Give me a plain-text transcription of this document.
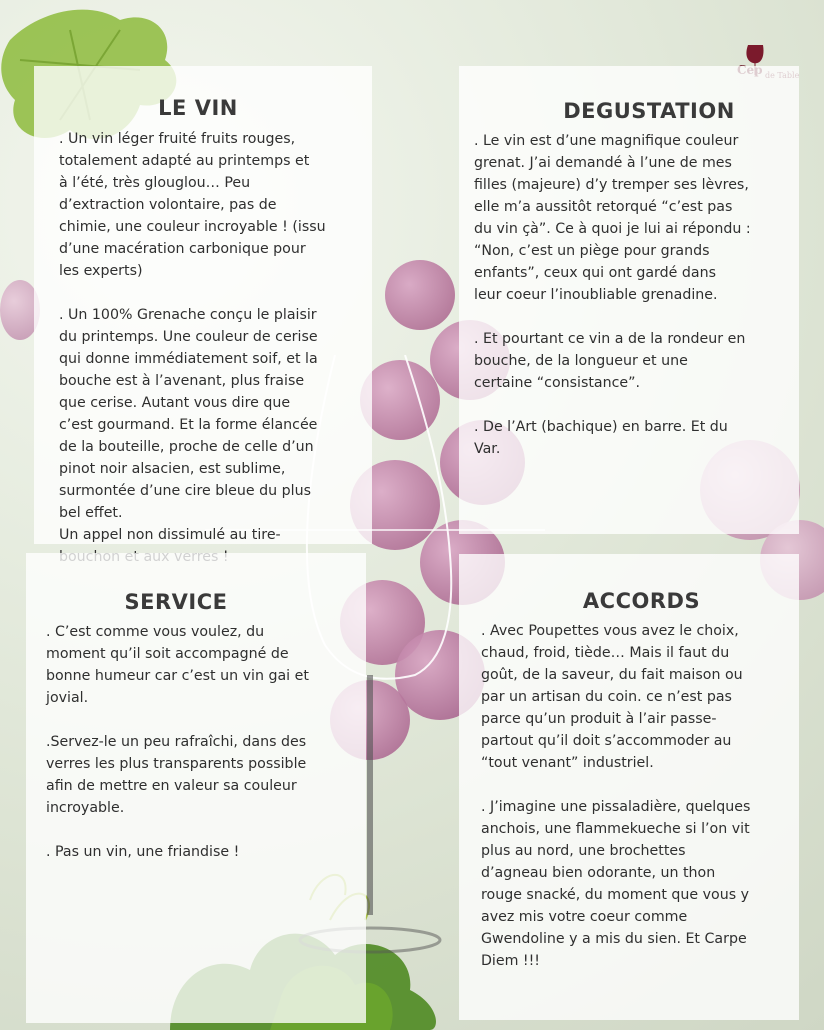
LE VIN

. Un vin léger fruité fruits rouges,
totalement adapté au printemps et
à l’été, très glouglou… Peu
d’extraction volontaire, pas de
chimie, une couleur incroyable ! (issu
d’une macération carbonique pour
les experts)

. Un 100% Grenache conçu le plaisir
du printemps. Une couleur de cerise
qui donne immédiatement soif, et la
bouche est à l’avenant, plus fraise
que cerise. Autant vous dire que
c’est gourmand. Et la forme élancée
de la bouteille, proche de celle d’un
pinot noir alsacien, est sublime,
surmontée d’une cire bleue du plus
bel effet.
Un appel non dissimulé au tire-

DEGUSTATION

. Le vin est d’une magnifique couleur
grenat. J’ai demandé à l’une de mes
filles (majeure) d’y tremper ses lèvres,
elle m’a aussitôt retorqué “c’est pas
du vin çà”. Ce à quoi je lui ai répondu :
“Non, c’est un piège pour grands
enfants”, ceux qui ont gardé dans
leur coeur l’inoubliable grenadine.

. Et pourtant ce vin a de la rondeur en
bouche, de la longueur et une
certaine “consistance”.

. De l’Art (bachique) en barre. Et du
Var.

SERVICE

. C’est comme vous voulez, du
moment qu’il soit accompagné de
bonne humeur car c’est un vin gai et
jovial.

.Servez-le un peu rafraîchi, dans des
verres les plus transparents possible
afin de mettre en valeur sa couleur
incroyable.

. Pas un vin, une friandise !

ACCORDS

. Avec Poupettes vous avez le choix,
chaud, froid, tiède… Mais il faut du
goût, de la saveur, du fait maison ou
par un artisan du coin. ce n’est pas
parce qu’un produit à l’air passe-
partout qu’il doit s’accommoder au
“tout venant” industriel.

. J’imagine une pissaladière, quelques
anchois, une flammekueche si l’on vit
plus au nord, une brochettes
d’agneau bien odorante, un thon
rouge snacké, du moment que vous y
avez mis votre coeur comme
Gwendoline y a mis du sien. Et Carpe
Diem !!!
